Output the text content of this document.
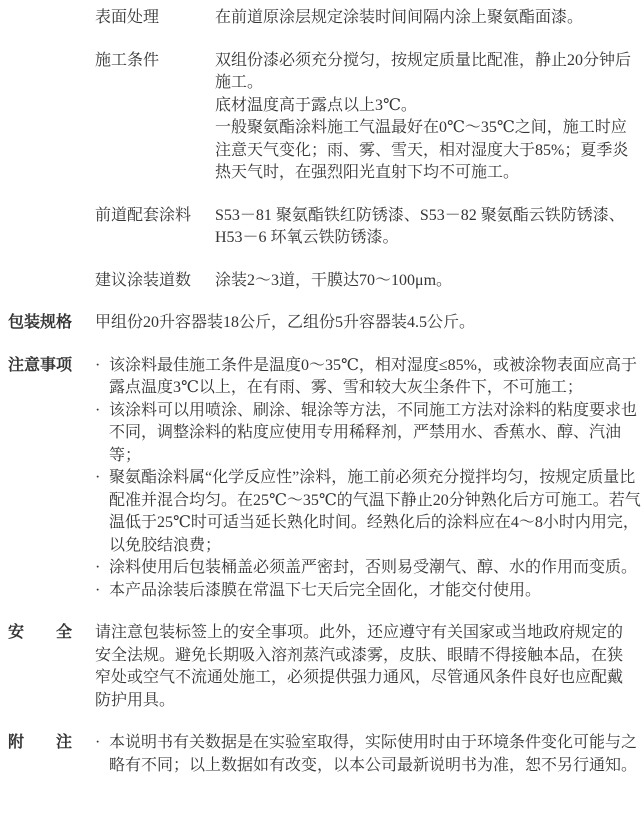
表面处理	在前道原涂层规定涂装时间间隔内涂上聚氨酯面漆。

施工条件	双组份漆必须充分搅匀，按规定质量比配准，静止20分钟后施工。

底材温度高于露点以上3℃。

一般聚氨酯涂料施工气温最好在0℃～35℃之间，施工时应注意天气变化；雨、雾、雪天，相对湿度大于85%；夏季炎热天气时，在强烈阳光直射下均不可施工。

前道配套涂料	S53－81 聚氨酯铁红防锈漆、S53－82 聚氨酯云铁防锈漆、H53－6 环氧云铁防锈漆。

建议涂装道数	涂装2～3道，干膜达70～100μm。

包装规格	甲组份20升容器装18公斤，乙组份5升容器装4.5公斤。

注意事项	· 该涂料最佳施工条件是温度0～35℃，相对湿度≤85%，或被涂物表面应高于露点温度3℃以上，在有雨、雾、雪和较大灰尘条件下，不可施工；
· 该涂料可以用喷涂、刷涂、辊涂等方法，不同施工方法对涂料的粘度要求也不同，调整涂料的粘度应使用专用稀释剂，严禁用水、香蕉水、醇、汽油等；
· 聚氨酯涂料属“化学反应性”涂料，施工前必须充分搅拌均匀，按规定质量比配准并混合均匀。在25℃～35℃的气温下静止20分钟熟化后方可施工。若气温低于25℃时可适当延长熟化时间。经熟化后的涂料应在4～8小时内用完，以免胶结浪费；
· 涂料使用后包装桶盖必须盖严密封，否则易受潮气、醇、水的作用而变质。
· 本产品涂装后漆膜在常温下七天后完全固化，才能交付使用。
安全	请注意包装标签上的安全事项。此外，还应遵守有关国家或当地政府规定的安全法规。避免长期吸入溶剂蒸汽或漆雾，皮肤、眼睛不得接触本品，在狭窄处或空气不流通处施工，必须提供强力通风，尽管通风条件良好也应配戴防护用具。

附注	· 本说明书有关数据是在实验室取得，实际使用时由于环境条件变化可能与之略有不同；以上数据如有改变，以本公司最新说明书为准，恕不另行通知。
